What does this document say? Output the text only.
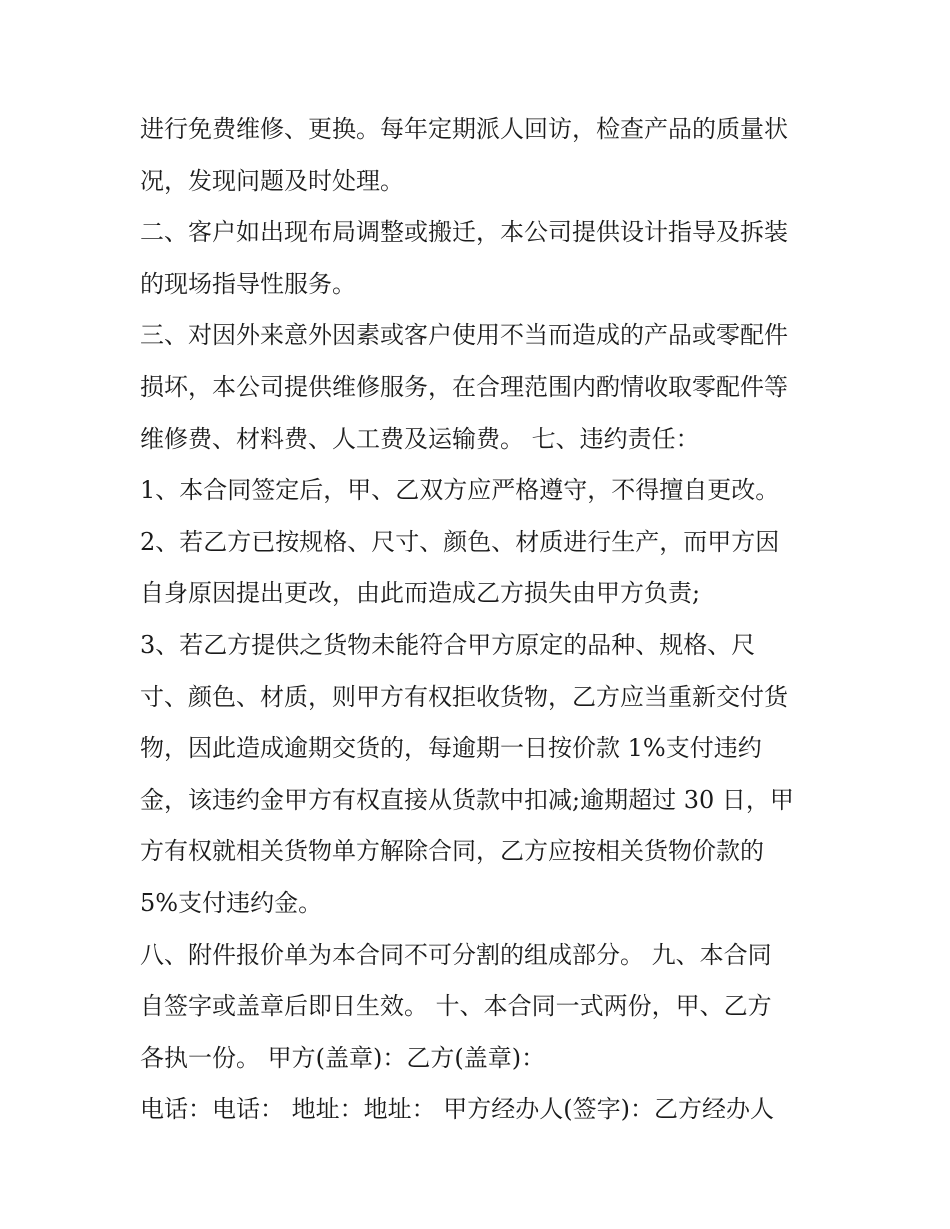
进行免费维修、更换。每年定期派人回访，检查产品的质量状
况，发现问题及时处理。
二、客户如出现布局调整或搬迁，本公司提供设计指导及拆装
的现场指导性服务。
三、对因外来意外因素或客户使用不当而造成的产品或零配件
损坏，本公司提供维修服务，在合理范围内酌情收取零配件等
维修费、材料费、人工费及运输费。 七、违约责任：
1、本合同签定后，甲、乙双方应严格遵守，不得擅自更改。
2、若乙方已按规格、尺寸、颜色、材质进行生产，而甲方因
自身原因提出更改，由此而造成乙方损失由甲方负责;
3、若乙方提供之货物未能符合甲方原定的品种、规格、尺
寸、颜色、材质，则甲方有权拒收货物，乙方应当重新交付货
物，因此造成逾期交货的，每逾期一日按价款 1%支付违约
金，该违约金甲方有权直接从货款中扣减;逾期超过 30 日，甲
方有权就相关货物单方解除合同，乙方应按相关货物价款的
5%支付违约金。
八、附件报价单为本合同不可分割的组成部分。 九、本合同
自签字或盖章后即日生效。 十、本合同一式两份，甲、乙方
各执一份。 甲方(盖章)：乙方(盖章)：
电话：电话： 地址：地址： 甲方经办人(签字)：乙方经办人
